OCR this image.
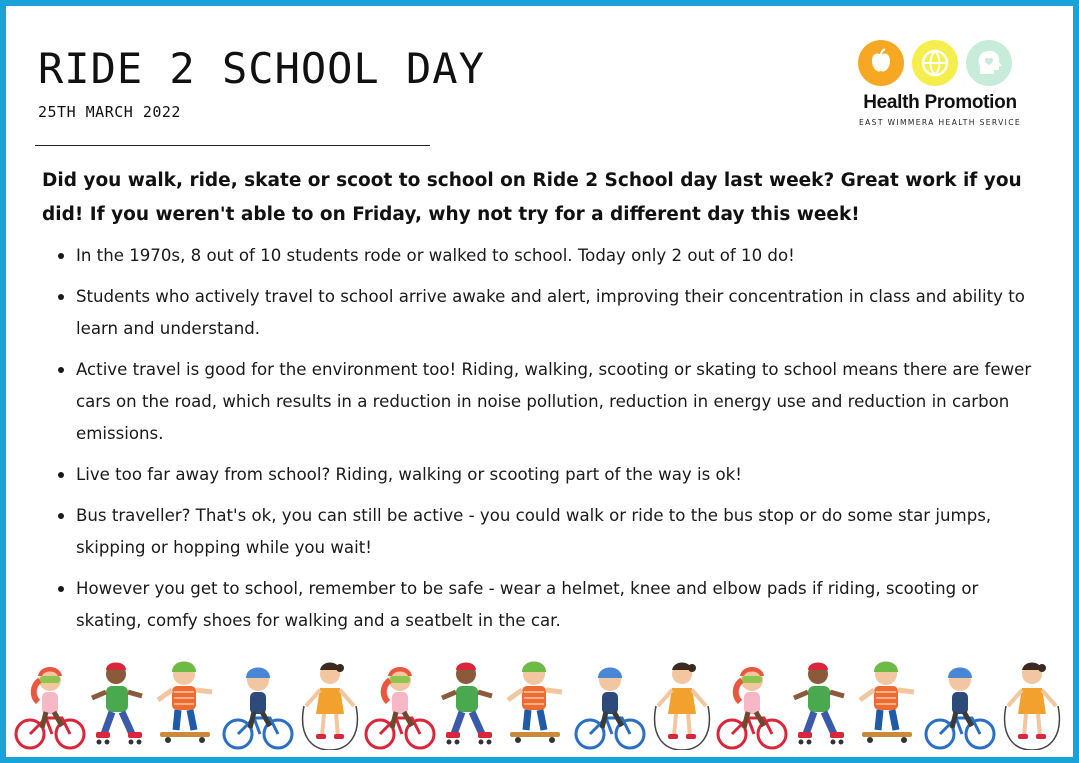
RIDE 2 SCHOOL DAY
25TH MARCH 2022	Health Promotion
EAST WIMMERA HEALTH SERVICE

Did you walk, ride, skate or scoot to school on Ride 2 School day last week? Great work if you did! If you weren't able to on Friday, why not try for a different day this week!

In the 1970s, 8 out of 10 students rode or walked to school. Today only 2 out of 10 do!
Students who actively travel to school arrive awake and alert, improving their concentration in class and ability to learn and understand.
Active travel is good for the environment too! Riding, walking, scooting or skating to school means there are fewer cars on the road, which results in a reduction in noise pollution, reduction in energy use and reduction in carbon emissions.
Live too far away from school? Riding, walking or scooting part of the way is ok!
Bus traveller? That's ok, you can still be active - you could walk or ride to the bus stop or do some star jumps, skipping or hopping while you wait!
However you get to school, remember to be safe - wear a helmet, knee and elbow pads if riding, scooting or skating, comfy shoes for walking and a seatbelt in the car.
